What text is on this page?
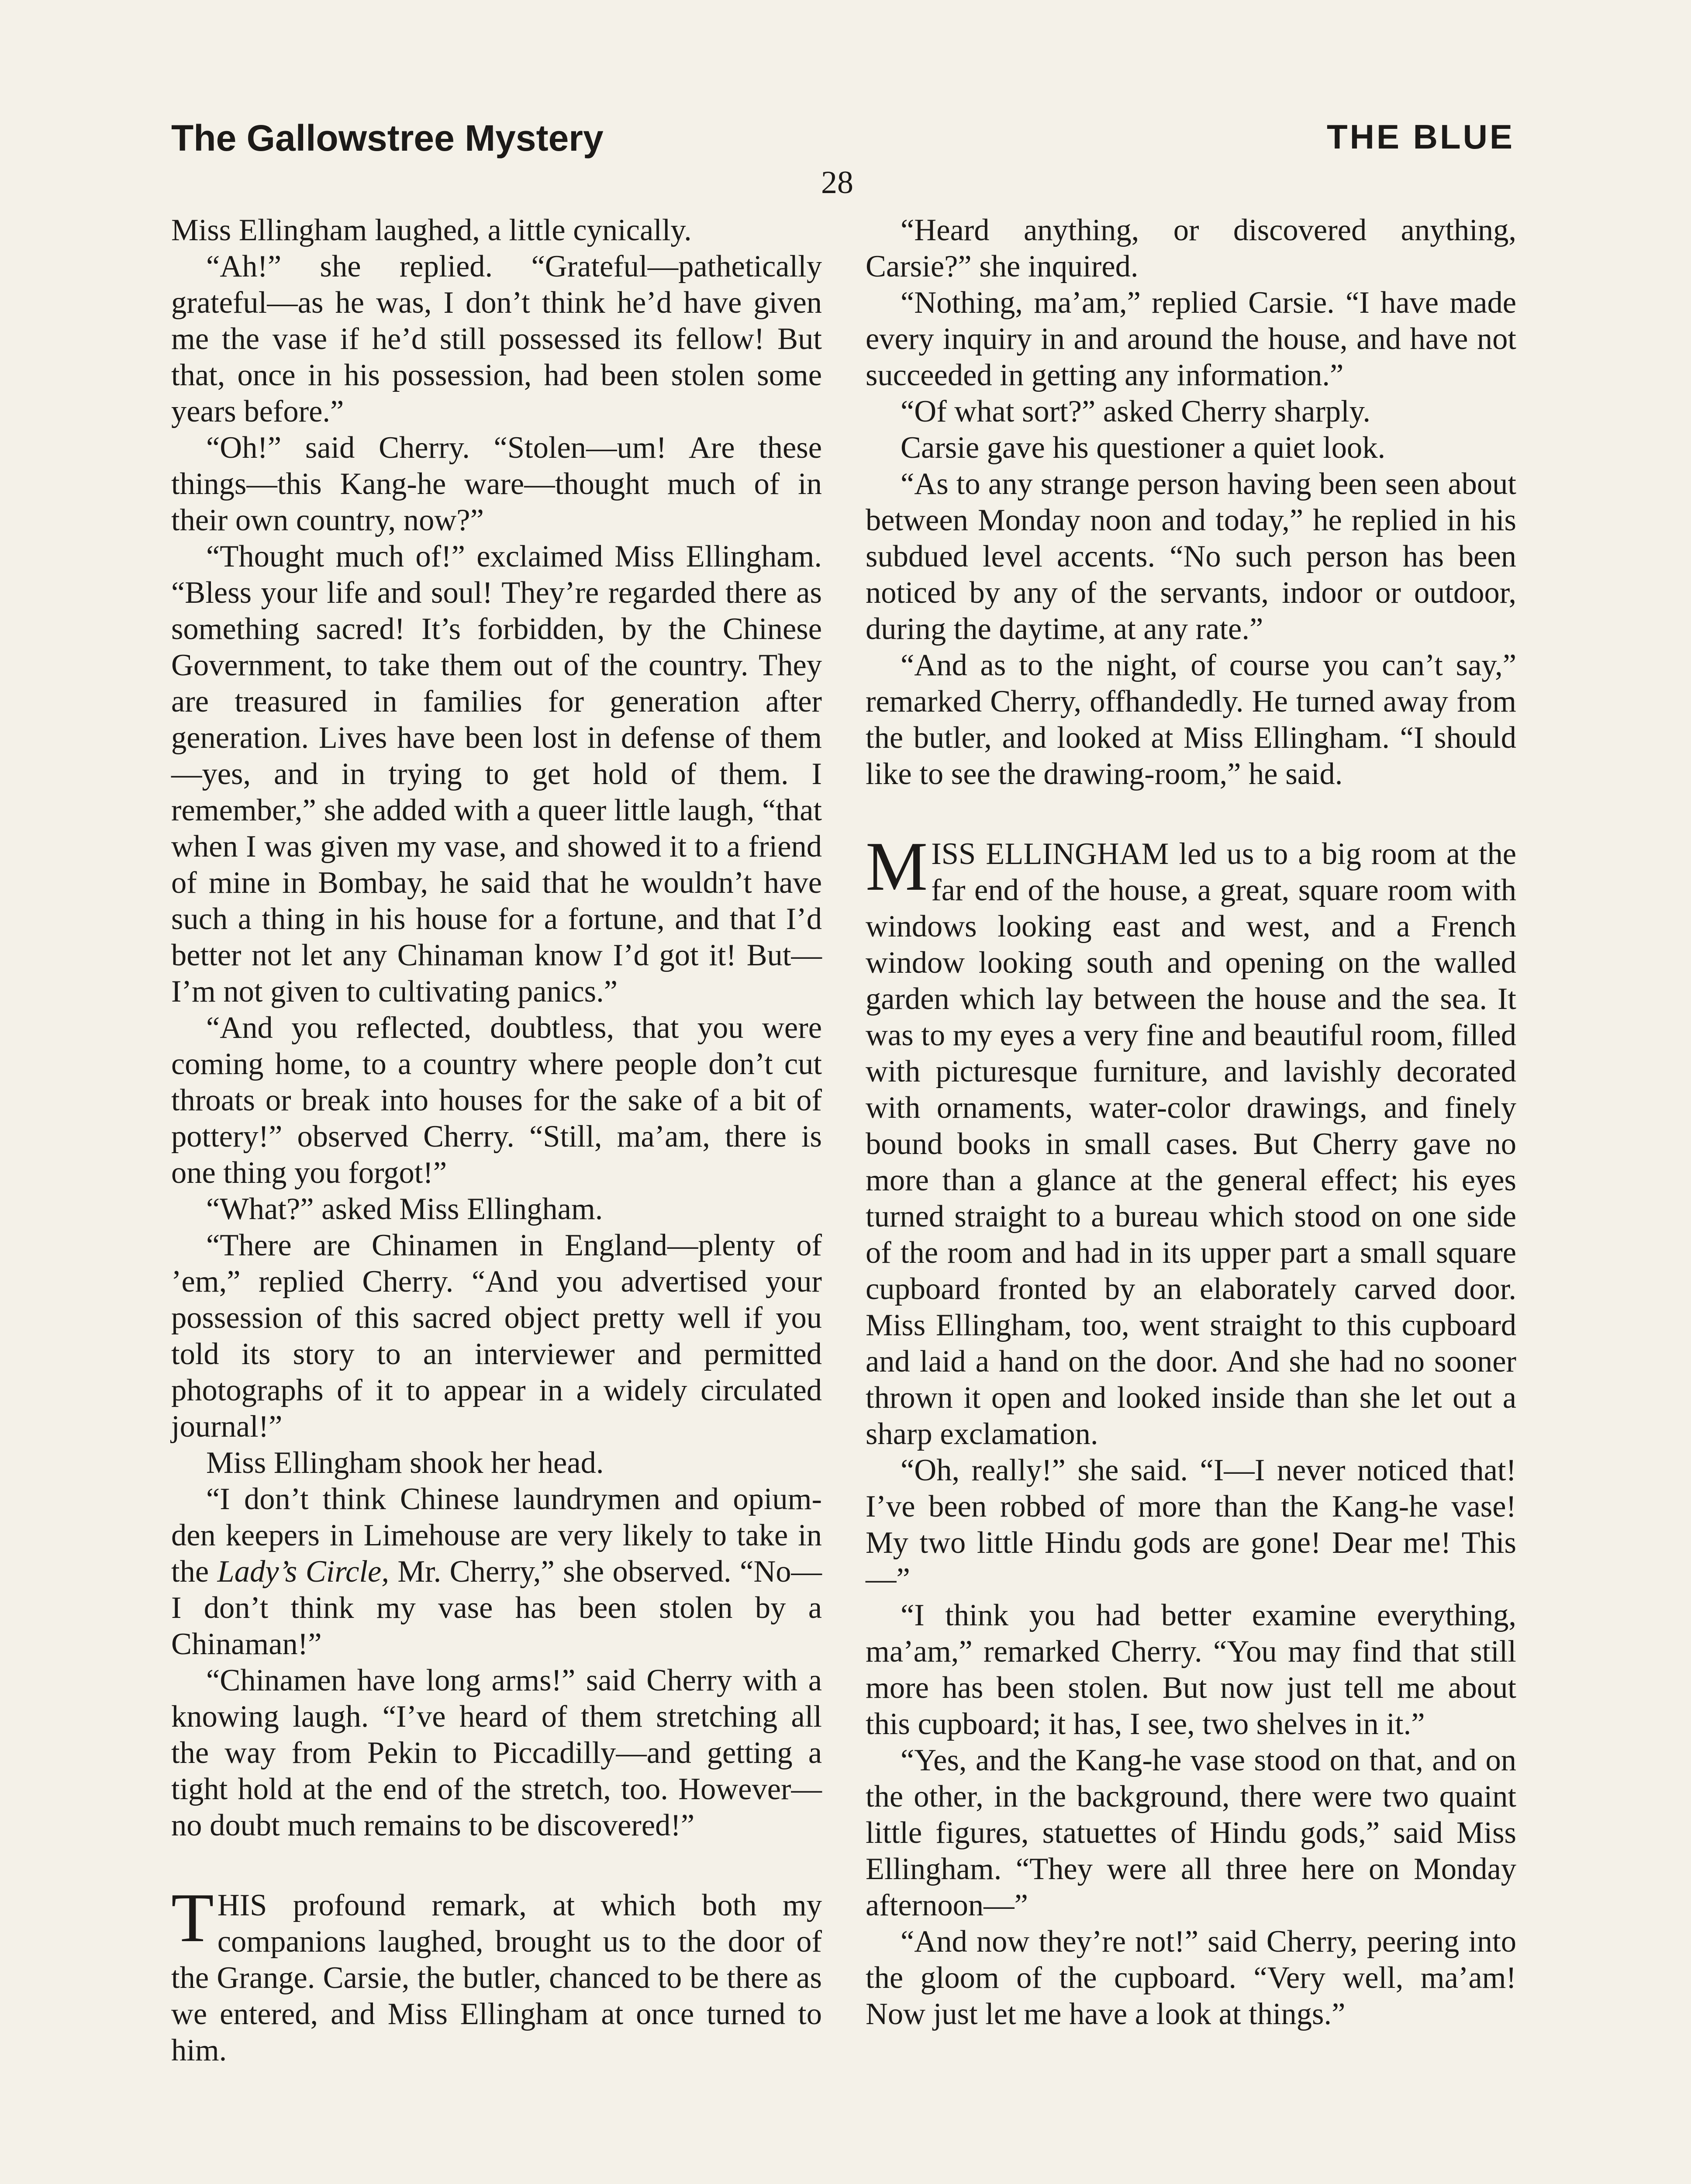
The Gallowstree Mystery	THE BLUE
28

Miss Ellingham laughed, a little cynically.

“Ah!” she replied. “Grateful—pathetically grateful—as he was, I don’t think he’d have given me the vase if he’d still possessed its fellow! But that, once in his possession, had been stolen some years before.”

“Oh!” said Cherry. “Stolen—um! Are these things—this Kang-he ware—thought much of in their own country, now?”

“Thought much of!” exclaimed Miss Ellingham. “Bless your life and soul! They’re regarded there as something sacred! It’s forbidden, by the Chinese Government, to take them out of the country. They are treasured in families for generation after generation. Lives have been lost in defense of them—yes, and in trying to get hold of them. I remember,” she added with a queer little laugh, “that when I was given my vase, and showed it to a friend of mine in Bombay, he said that he wouldn’t have such a thing in his house for a fortune, and that I’d better not let any Chinaman know I’d got it! But—I’m not given to cultivating panics.”

“And you reflected, doubtless, that you were coming home, to a country where people don’t cut throats or break into houses for the sake of a bit of pottery!” observed Cherry. “Still, ma’am, there is one thing you forgot!”

“What?” asked Miss Ellingham.

“There are Chinamen in England—plenty of ’em,” replied Cherry. “And you advertised your possession of this sacred object pretty well if you told its story to an interviewer and permitted photographs of it to appear in a widely circulated journal!”

Miss Ellingham shook her head.

“I don’t think Chinese laundrymen and opium-den keepers in Limehouse are very likely to take in the Lady’s Circle, Mr. Cherry,” she observed. “No—I don’t think my vase has been stolen by a Chinaman!”

“Chinamen have long arms!” said Cherry with a knowing laugh. “I’ve heard of them stretching all the way from Pekin to Piccadilly—and getting a tight hold at the end of the stretch, too. However—no doubt much remains to be discovered!”

THIS profound remark, at which both my companions laughed, brought us to the door of the Grange. Carsie, the butler, chanced to be there as we entered, and Miss Ellingham at once turned to him.

“Heard anything, or discovered anything, Carsie?” she inquired.

“Nothing, ma’am,” replied Carsie. “I have made every inquiry in and around the house, and have not succeeded in getting any information.”

“Of what sort?” asked Cherry sharply.

Carsie gave his questioner a quiet look.

“As to any strange person having been seen about between Monday noon and today,” he replied in his subdued level accents. “No such person has been noticed by any of the servants, indoor or outdoor, during the daytime, at any rate.”

“And as to the night, of course you can’t say,” remarked Cherry, offhandedly. He turned away from the butler, and looked at Miss Ellingham. “I should like to see the drawing-room,” he said.

MISS ELLINGHAM led us to a big room at the far end of the house, a great, square room with windows looking east and west, and a French window looking south and opening on the walled garden which lay between the house and the sea. It was to my eyes a very fine and beautiful room, filled with picturesque furniture, and lavishly decorated with ornaments, water-color drawings, and finely bound books in small cases. But Cherry gave no more than a glance at the general effect; his eyes turned straight to a bureau which stood on one side of the room and had in its upper part a small square cupboard fronted by an elaborately carved door. Miss Ellingham, too, went straight to this cupboard and laid a hand on the door. And she had no sooner thrown it open and looked inside than she let out a sharp exclamation.

“Oh, really!” she said. “I—I never noticed that! I’ve been robbed of more than the Kang-he vase! My two little Hindu gods are gone! Dear me! This—”

“I think you had better examine everything, ma’am,” remarked Cherry. “You may find that still more has been stolen. But now just tell me about this cupboard; it has, I see, two shelves in it.”

“Yes, and the Kang-he vase stood on that, and on the other, in the background, there were two quaint little figures, statuettes of Hindu gods,” said Miss Ellingham. “They were all three here on Monday afternoon—”

“And now they’re not!” said Cherry, peering into the gloom of the cupboard. “Very well, ma’am! Now just let me have a look at things.”
